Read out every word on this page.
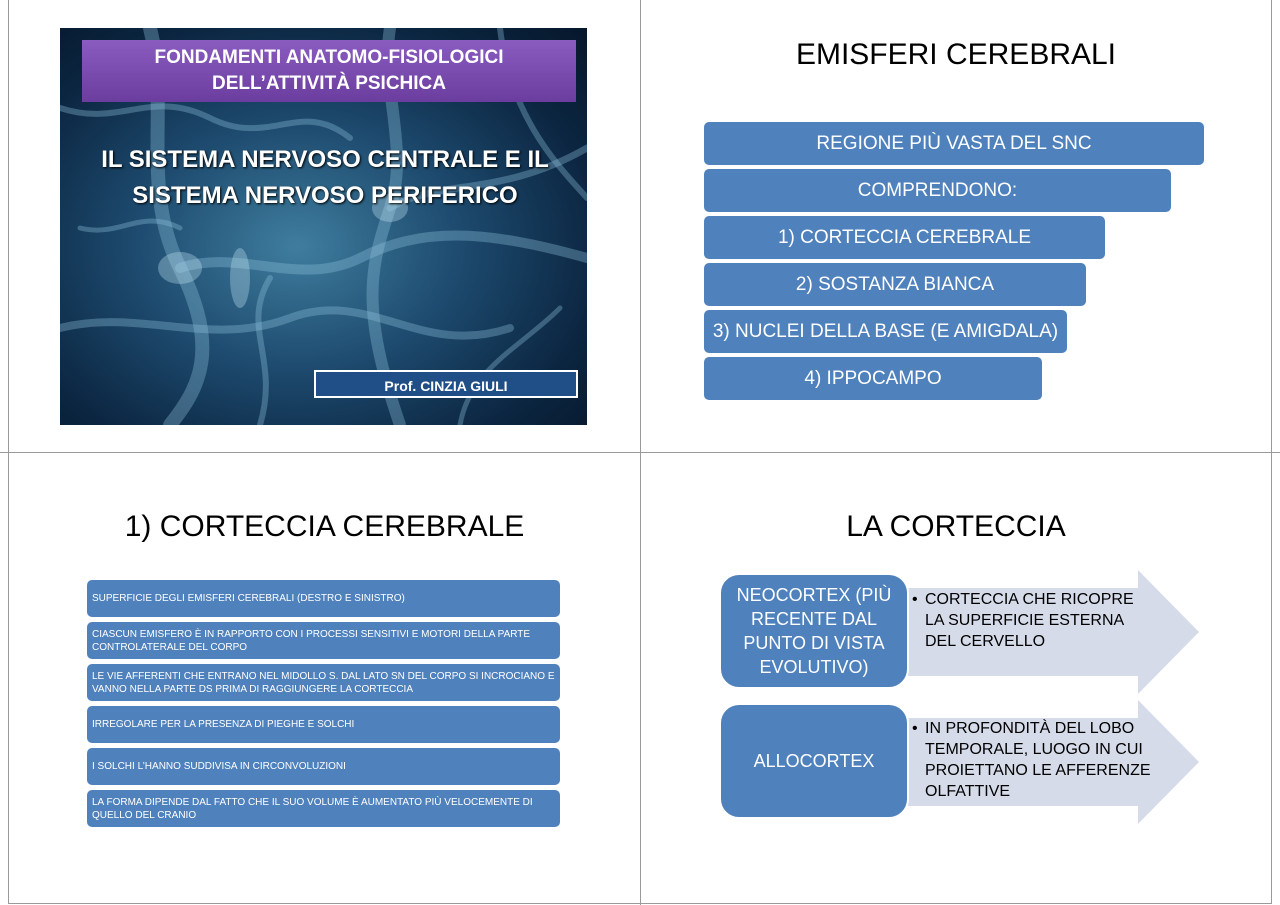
FONDAMENTI ANATOMO-FISIOLOGICI
DELL’ATTIVITÀ PSICHICA
IL SISTEMA NERVOSO CENTRALE E IL
SISTEMA NERVOSO PERIFERICO
Prof. CINZIA GIULI
EMISFERI CEREBRALI
REGIONE PIÙ VASTA DEL SNC
COMPRENDONO:
1) CORTECCIA CEREBRALE
2) SOSTANZA BIANCA
3) NUCLEI DELLA BASE (E AMIGDALA)
4) IPPOCAMPO
1) CORTECCIA CEREBRALE
SUPERFICIE DEGLI EMISFERI CEREBRALI (DESTRO E SINISTRO)
CIASCUN EMISFERO È IN RAPPORTO CON I PROCESSI SENSITIVI E MOTORI DELLA PARTE CONTROLATERALE DEL CORPO
LE VIE AFFERENTI CHE ENTRANO NEL MIDOLLO S. DAL LATO SN DEL CORPO SI INCROCIANO E VANNO NELLA PARTE DS PRIMA DI RAGGIUNGERE LA CORTECCIA
IRREGOLARE PER LA PRESENZA DI PIEGHE E SOLCHI
I SOLCHI L’HANNO SUDDIVISA IN CIRCONVOLUZIONI
LA FORMA DIPENDE DAL FATTO CHE IL SUO VOLUME È AUMENTATO PIÙ VELOCEMENTE DI QUELLO DEL CRANIO
LA CORTECCIA
NEOCORTEX (PIÙ RECENTE DAL PUNTO DI VISTA EVOLUTIVO)
• CORTECCIA CHE RICOPRE LA SUPERFICIE ESTERNA DEL CERVELLO
ALLOCORTEX
• IN PROFONDITÀ DEL LOBO TEMPORALE, LUOGO IN CUI PROIETTANO LE AFFERENZE OLFATTIVE
